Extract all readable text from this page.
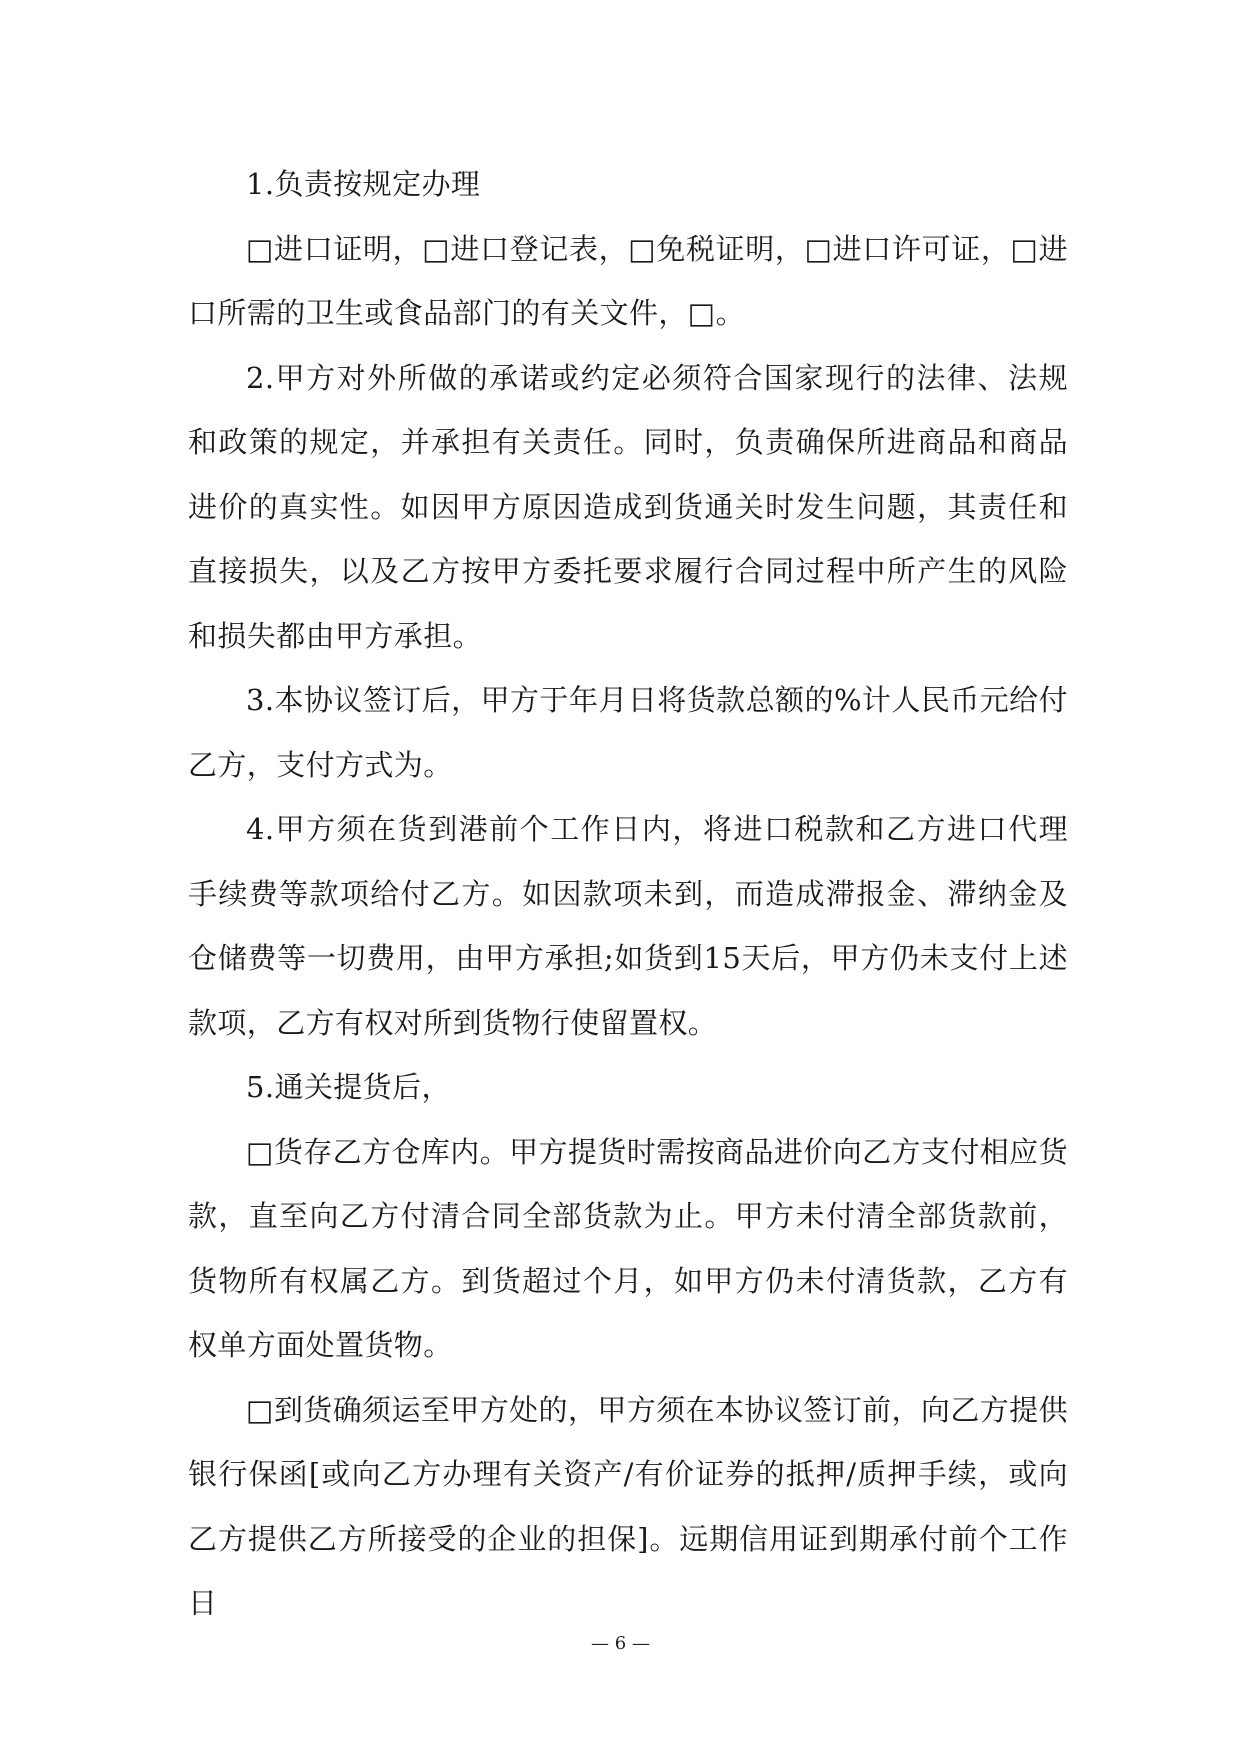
1.负责按规定办理

□进口证明，□进口登记表，□免税证明，□进口许可证，□进口所需的卫生或食品部门的有关文件，□。

2.甲方对外所做的承诺或约定必须符合国家现行的法律、法规和政策的规定，并承担有关责任。同时，负责确保所进商品和商品进价的真实性。如因甲方原因造成到货通关时发生问题，其责任和直接损失，以及乙方按甲方委托要求履行合同过程中所产生的风险和损失都由甲方承担。

3.本协议签订后，甲方于年月日将货款总额的%计人民币元给付乙方，支付方式为。

4.甲方须在货到港前个工作日内，将进口税款和乙方进口代理手续费等款项给付乙方。如因款项未到，而造成滞报金、滞纳金及仓储费等一切费用，由甲方承担;如货到15天后，甲方仍未支付上述款项，乙方有权对所到货物行使留置权。

5.通关提货后，

□货存乙方仓库内。甲方提货时需按商品进价向乙方支付相应货款，直至向乙方付清合同全部货款为止。甲方未付清全部货款前，货物所有权属乙方。到货超过个月，如甲方仍未付清货款，乙方有权单方面处置货物。

□到货确须运至甲方处的，甲方须在本协议签订前，向乙方提供银行保函[或向乙方办理有关资产/有价证券的抵押/质押手续，或向乙方提供乙方所接受的企业的担保]。远期信用证到期承付前个工作日

— 6 —
